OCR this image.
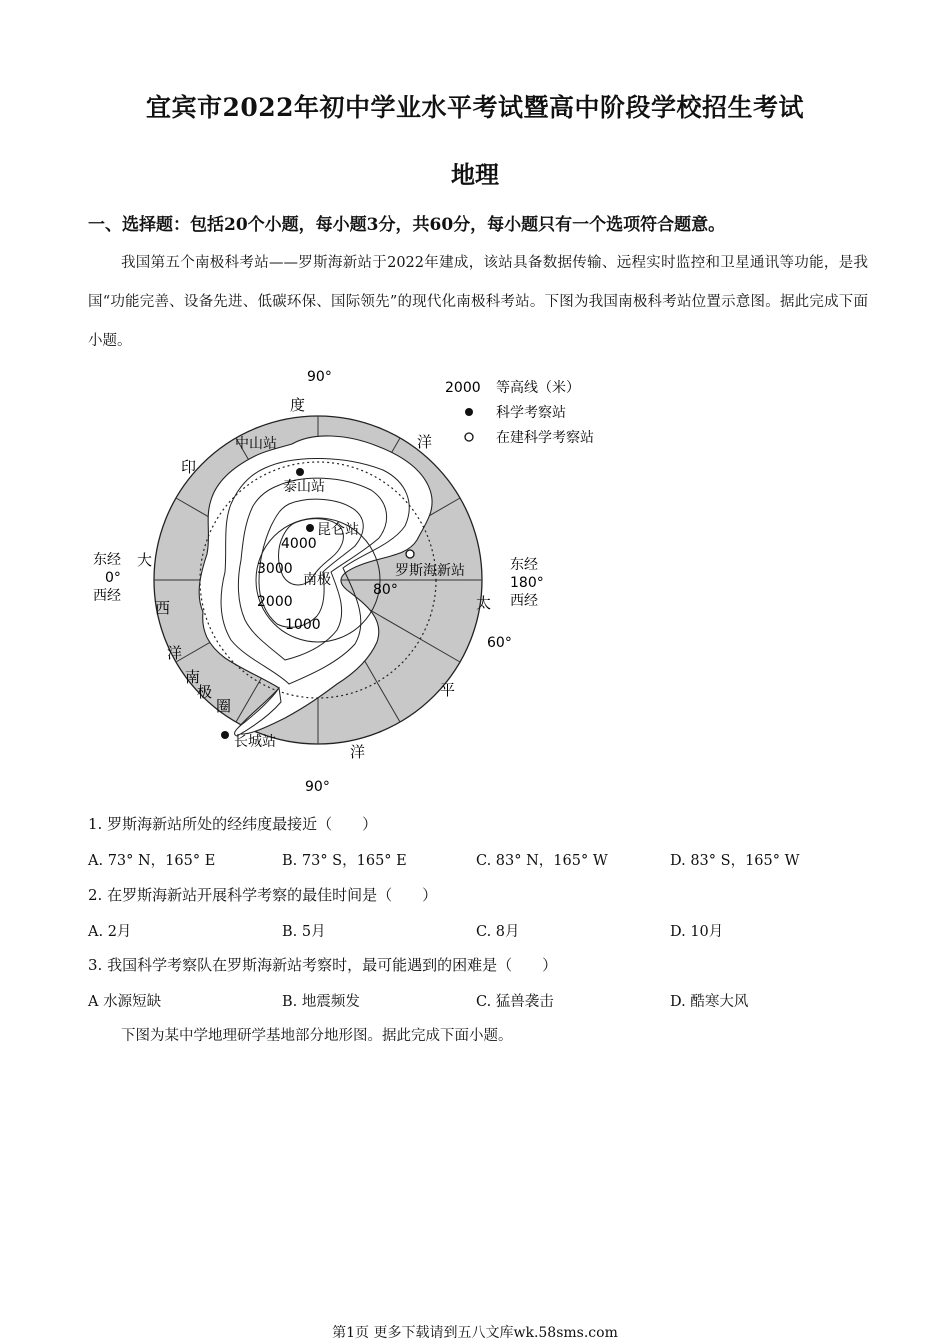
宜宾市2022年初中学业水平考试暨高中阶段学校招生考试
地理
一、选择题：包括20个小题，每小题3分，共60分，每小题只有一个选项符合题意。

我国第五个南极科考站——罗斯海新站于2022年建成，该站具备数据传输、远程实时监控和卫星通讯等功能，是我国“功能完善、设备先进、低碳环保、国际领先”的现代化南极科考站。下图为我国南极科考站位置示意图。据此完成下面小题。

2000 等高线（米）
科学考察站
在建科学考察站
90°
90°
东经
0°
西经
东经
180°
西经
80°
60°
度
洋
印
大
西
洋
太
平
洋
南
极
圈
4000
3000
2000
1000
南极
中山站
泰山站
昆仑站
罗斯海新站
长城站
1. 罗斯海新站所处的经纬度最接近（　　）
A. 73° N，165° E	B. 73° S，165° E	C. 83° N，165° W	D. 83° S，165° W
2. 在罗斯海新站开展科学考察的最佳时间是（　　）
A. 2月	B. 5月	C. 8月	D. 10月
3. 我国科学考察队在罗斯海新站考察时，最可能遇到的困难是（　　）
A 水源短缺	B. 地震频发	C. 猛兽袭击	D. 酷寒大风
下图为某中学地理研学基地部分地形图。据此完成下面小题。
第1页 更多下载请到五八文库wk.58sms.com
